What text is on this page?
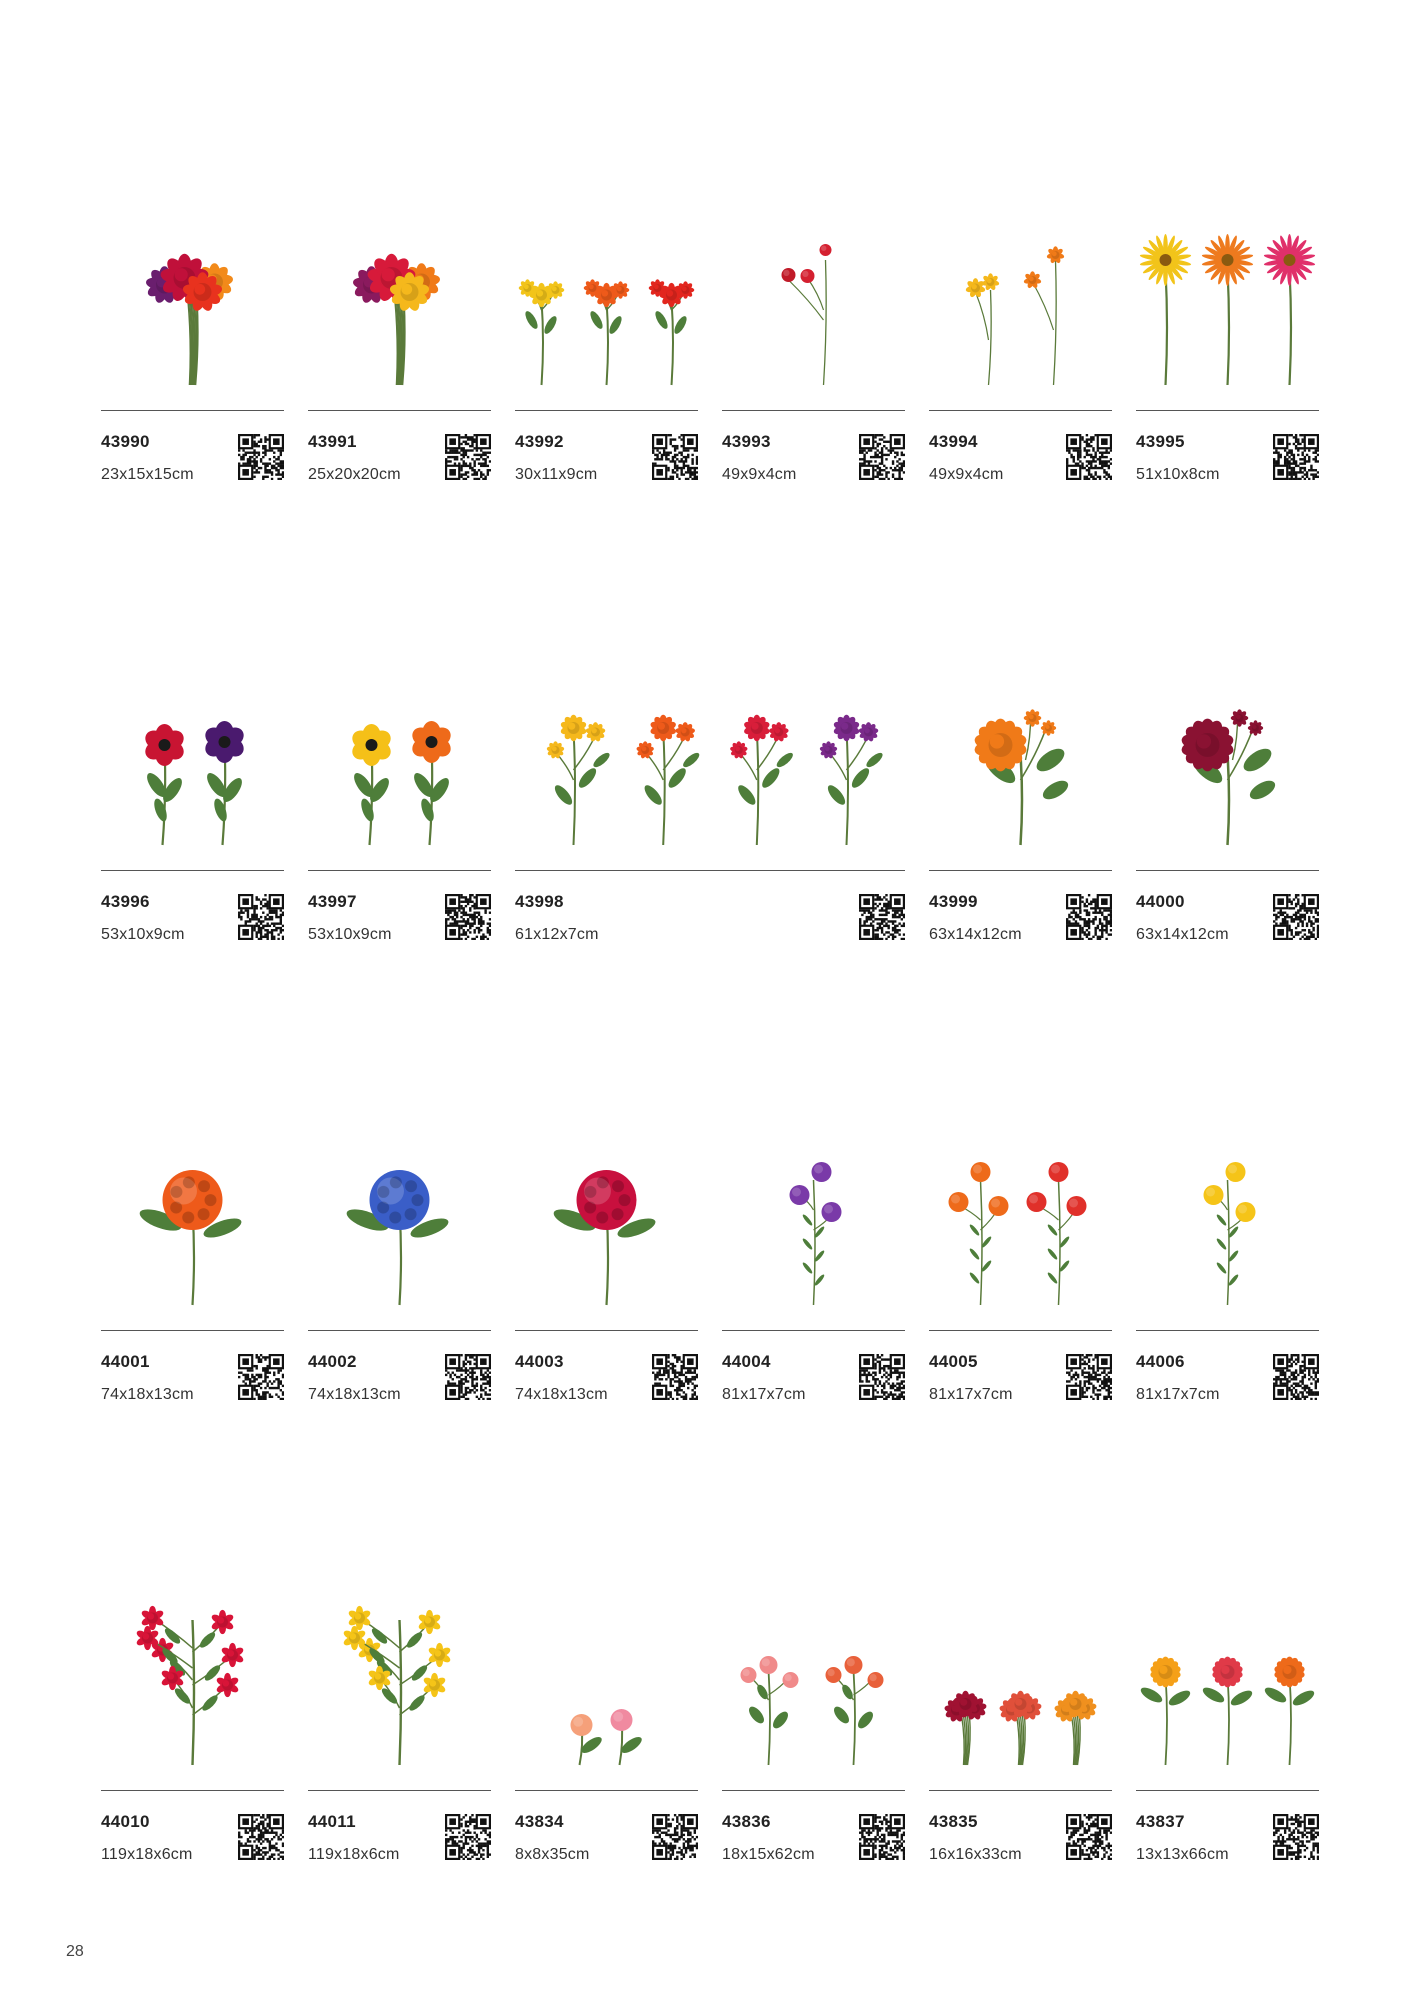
43990
23x15x15cm
43991
25x20x20cm
43992
30x11x9cm
43993
49x9x4cm
43994
49x9x4cm
43995
51x10x8cm
43996
53x10x9cm
43997
53x10x9cm
43998
61x12x7cm
43999
63x14x12cm
44000
63x14x12cm
44001
74x18x13cm
44002
74x18x13cm
44003
74x18x13cm
44004
81x17x7cm
44005
81x17x7cm
44006
81x17x7cm
44010
119x18x6cm
44011
119x18x6cm
43834
8x8x35cm
43836
18x15x62cm
43835
16x16x33cm
43837
13x13x66cm
28
